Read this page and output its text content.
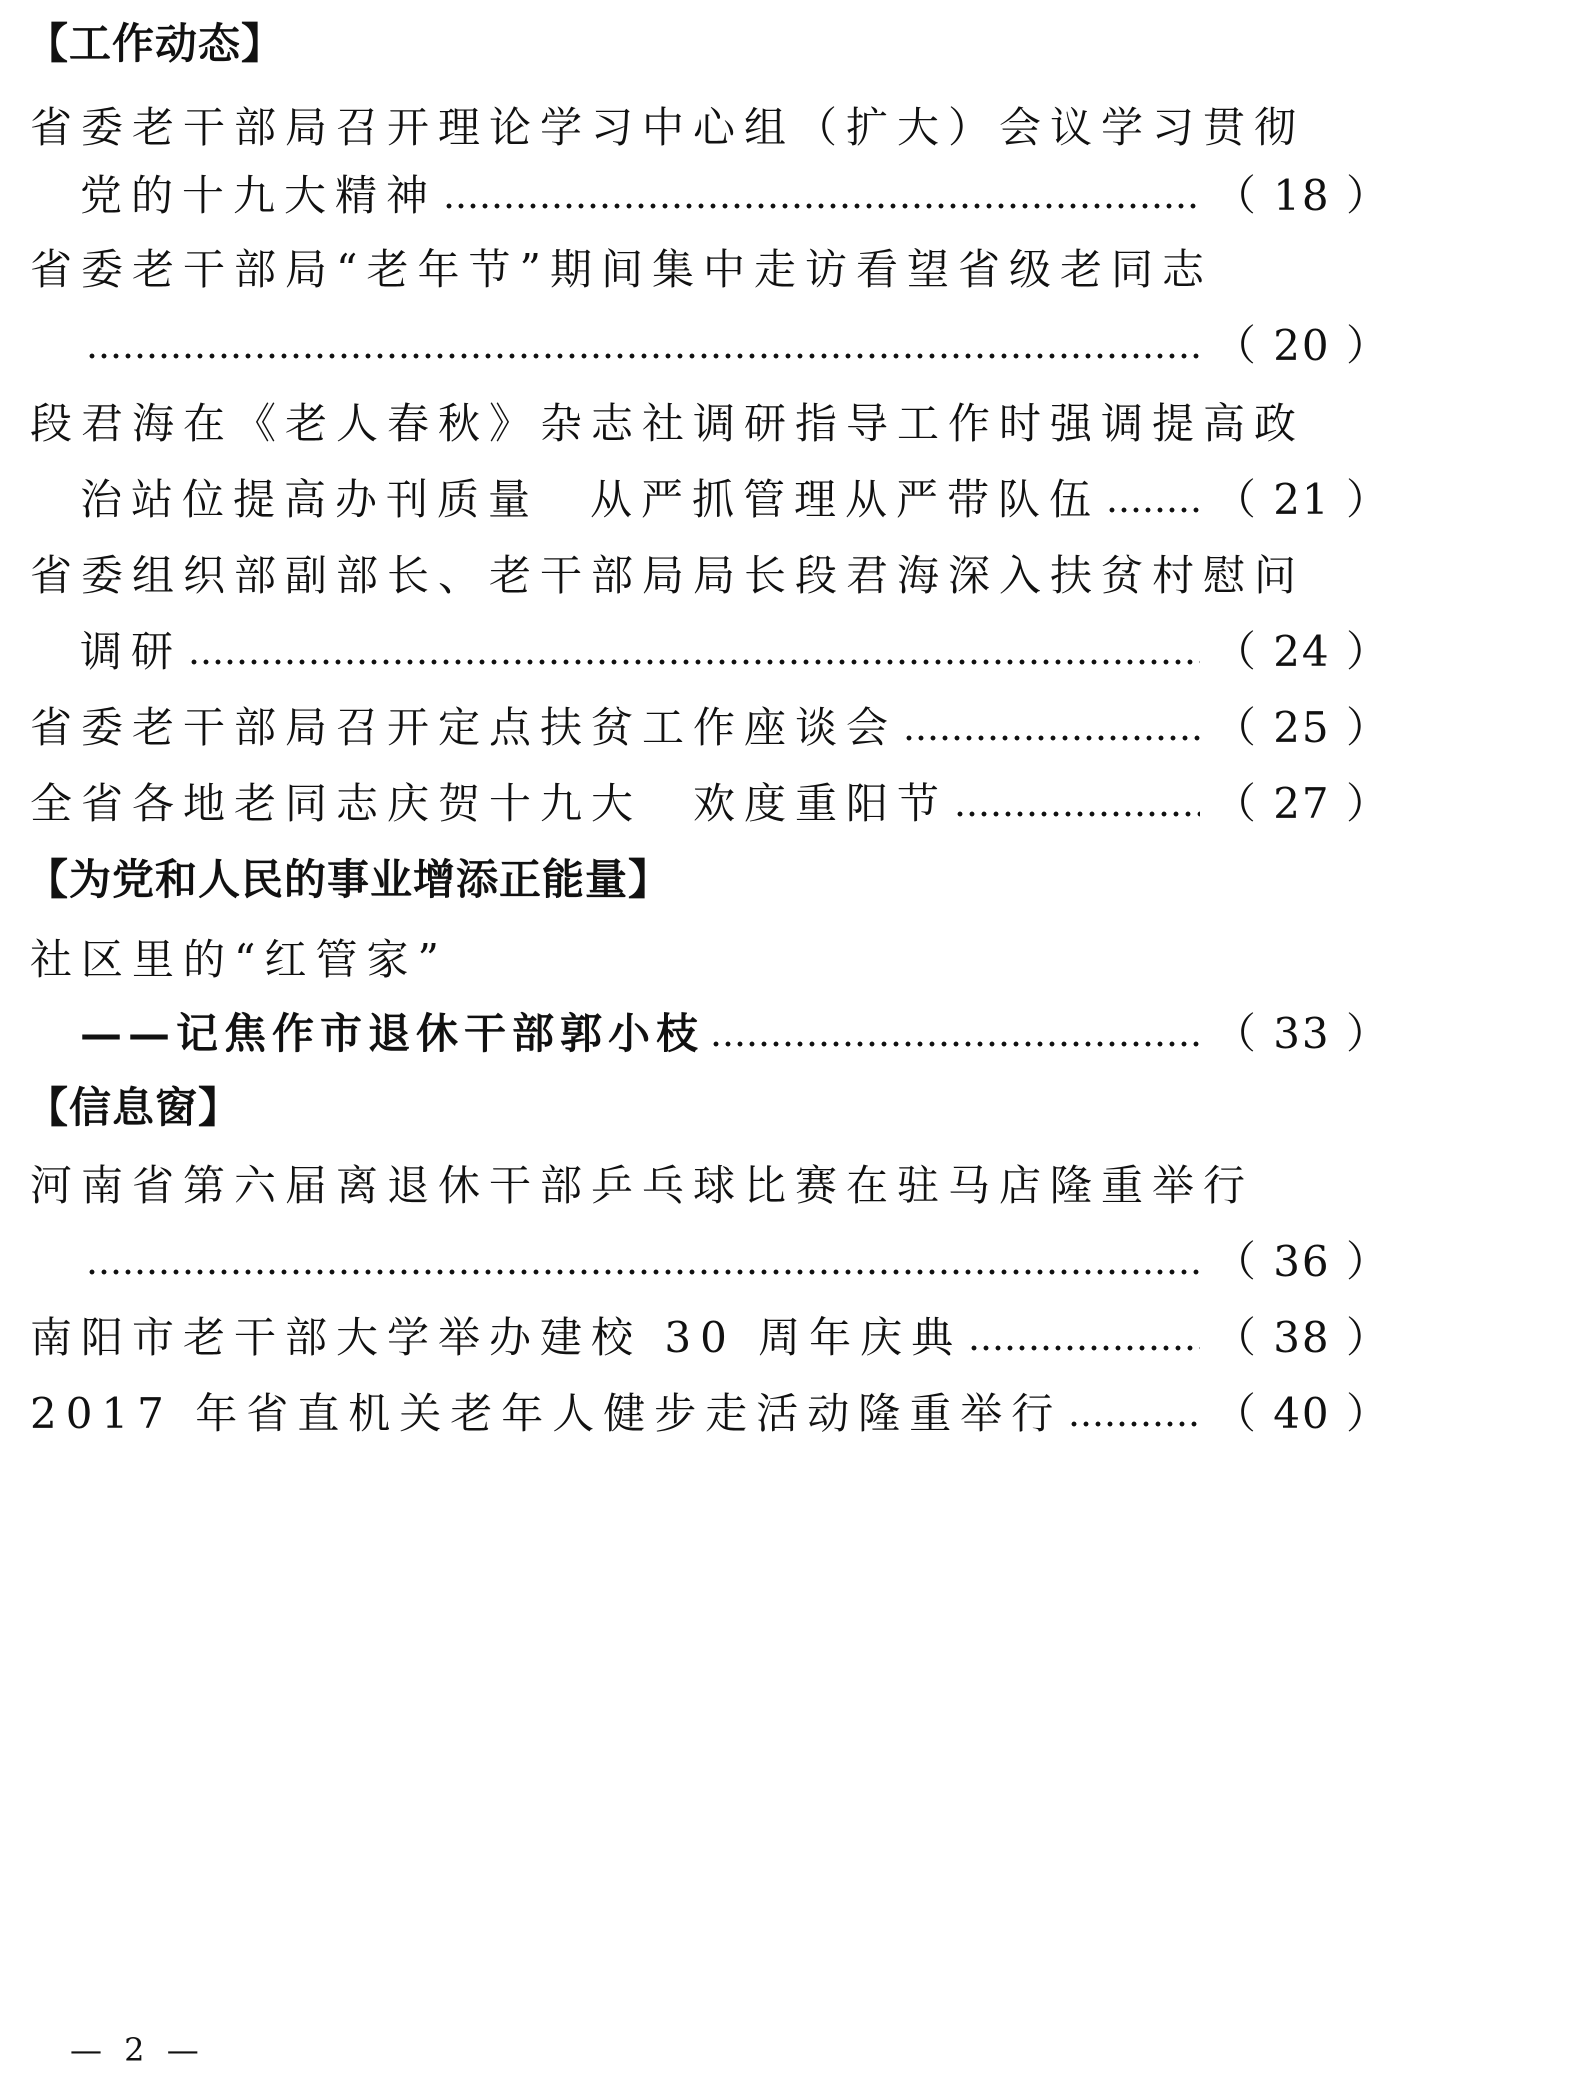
【工作动态】
省委老干部局召开理论学习中心组（扩大）会议学习贯彻
党的十九大精神	（ 18 ）
省委老干部局“老年节”期间集中走访看望省级老同志
（ 20 ）
段君海在《老人春秋》杂志社调研指导工作时强调提高政
治站位提高办刊质量　从严抓管理从严带队伍	（ 21 ）
省委组织部副部长、老干部局局长段君海深入扶贫村慰问
调研	（ 24 ）
省委老干部局召开定点扶贫工作座谈会	（ 25 ）
全省各地老同志庆贺十九大　欢度重阳节	（ 27 ）
【为党和人民的事业增添正能量】
社区里的“红管家”
——记焦作市退休干部郭小枝	（ 33 ）
【信息窗】
河南省第六届离退休干部乒乓球比赛在驻马店隆重举行
（ 36 ）
南阳市老干部大学举办建校 30 周年庆典	（ 38 ）
2017 年省直机关老年人健步走活动隆重举行	（ 40 ）
— 2 —
